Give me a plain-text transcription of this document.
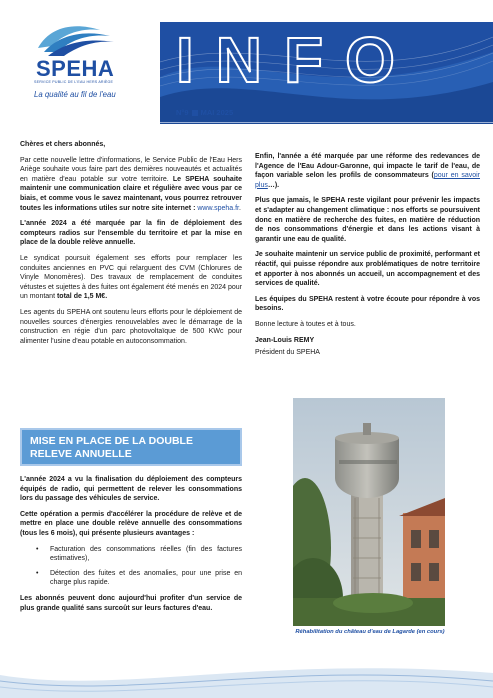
SPEHA
SERVICE PUBLIC DE L'EAU HERS ARIÈGE
La qualité au fil de l'eau INFO
N°9 MAI 2025

Chères et chers abonnés,

Par cette nouvelle lettre d'informations, le Service Public de l'Eau Hers Ariège souhaite vous faire part des dernières nouveautés et actualités en matière d'eau potable sur votre territoire. Le SPEHA souhaite maintenir une communication claire et régulière avec vous par ce biais, et comme vous le savez maintenant, vous pourrez retrouver toutes les informations utiles sur notre site internet : www.speha.fr.

L'année 2024 a été marquée par la fin de déploiement des compteurs radios sur l'ensemble du territoire et par la mise en place de la double relève annuelle.

Le syndicat poursuit également ses efforts pour remplacer les conduites anciennes en PVC qui relarguent des CVM (Chlorures de Vinyle Monomères). Des travaux de remplacement de conduites vétustes et sujettes à des fuites ont également été menés en 2024 pour un montant total de 1,5 M€.

Les agents du SPEHA ont soutenu leurs efforts pour le déploiement de nouvelles sources d'énergies renouvelables avec le démarrage de la construction en régie d'un parc photovoltaïque de 500 KWc pour alimenter l'usine d'eau potable en autoconsommation.

MISE EN PLACE DE LA DOUBLE RELEVE ANNUELLE

L'année 2024 a vu la finalisation du déploiement des compteurs équipés de radio, qui permettent de relever les consommations lors du passage des véhicules de service.

Cette opération a permis d'accélérer la procédure de relève et de mettre en place une double relève annuelle des consommations (tous les 6 mois), qui présente plusieurs avantages :

• Facturation des consommations réelles (fin des factures estimatives),
• Détection des fuites et des anomalies, pour une prise en charge plus rapide.

Les abonnés peuvent donc aujourd'hui profiter d'un service de plus grande qualité sans surcoût sur leurs factures d'eau.

Enfin, l'année a été marquée par une réforme des redevances de l'Agence de l'Eau Adour-Garonne, qui impacte le tarif de l'eau, de façon variable selon les profils de consommateurs (pour en savoir plus…).

Plus que jamais, le SPEHA reste vigilant pour prévenir les impacts et s'adapter au changement climatique : nos efforts se poursuivent donc en matière de recherche des fuites, en matière de réduction de nos consommations d'énergie et dans les actions visant à garantir une eau de qualité.

Je souhaite maintenir un service public de proximité, performant et réactif, qui puisse répondre aux problématiques de notre territoire et apporter à nos abonnés un accueil, un accompagnement et des services de qualité.

Les équipes du SPEHA restent à votre écoute pour répondre à vos besoins.

Bonne lecture à toutes et à tous.

Jean-Louis REMY

Président du SPEHA

Réhabilitation du château d'eau de Lagarde (en cours)
